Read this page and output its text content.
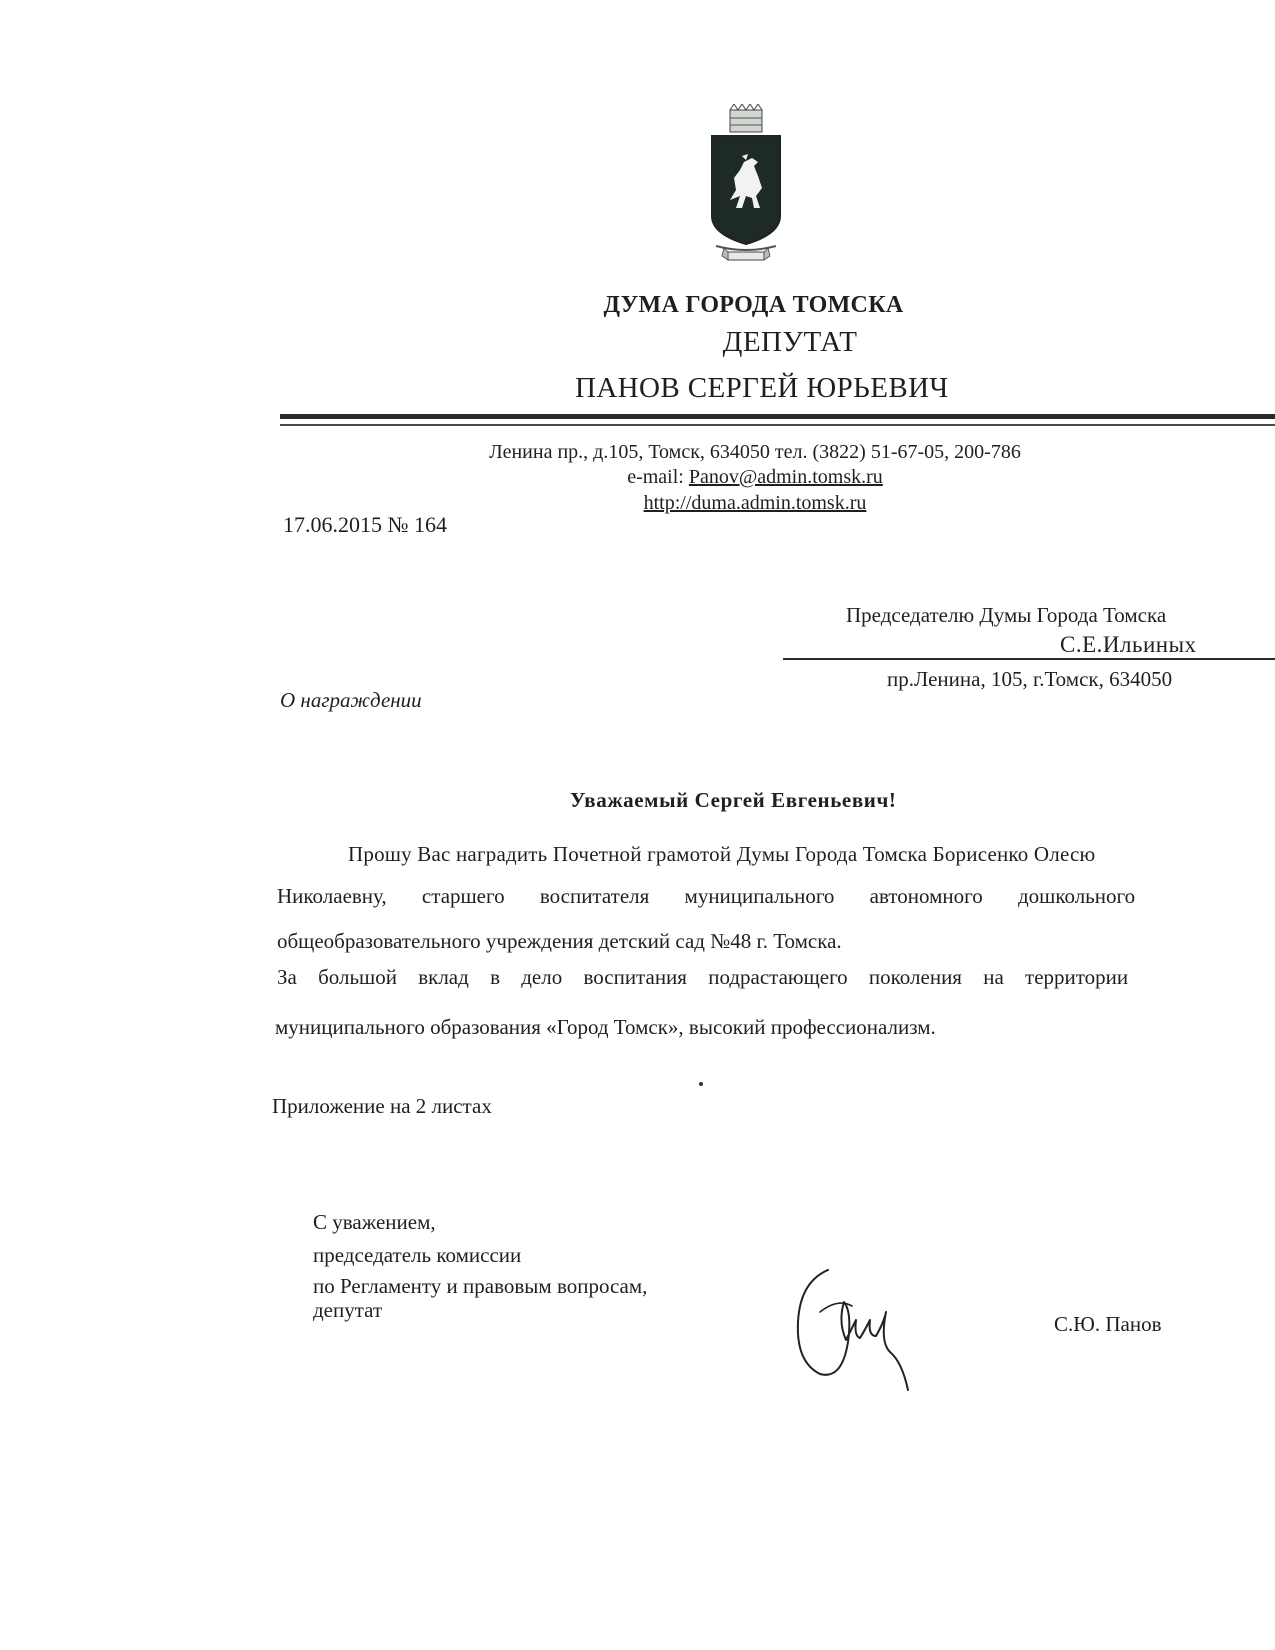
ДУМА ГОРОДА ТОМСКА
ДЕПУТАТ
ПАНОВ СЕРГЕЙ ЮРЬЕВИЧ
Ленина пр., д.105, Томск, 634050 тел. (3822) 51-67-05, 200-786
e-mail: Panov@admin.tomsk.ru
http://duma.admin.tomsk.ru
17.06.2015 № 164
Председателю Думы Города Томска
С.Е.Ильиных
пр.Ленина, 105, г.Томск, 634050
О награждении
Уважаемый Сергей Евгеньевич!
Прошу Вас наградить Почетной грамотой Думы Города Томска Борисенко Олесю
Николаевну, старшего воспитателя муниципального автономного дошкольного
общеобразовательного учреждения детский сад №48 г. Томска.
За большой вклад в дело воспитания подрастающего поколения на территории
муниципального образования «Город Томск», высокий профессионализм.
Приложение на 2 листах
С уважением,
председатель комиссии
по Регламенту и правовым вопросам,
депутат
С.Ю. Панов
